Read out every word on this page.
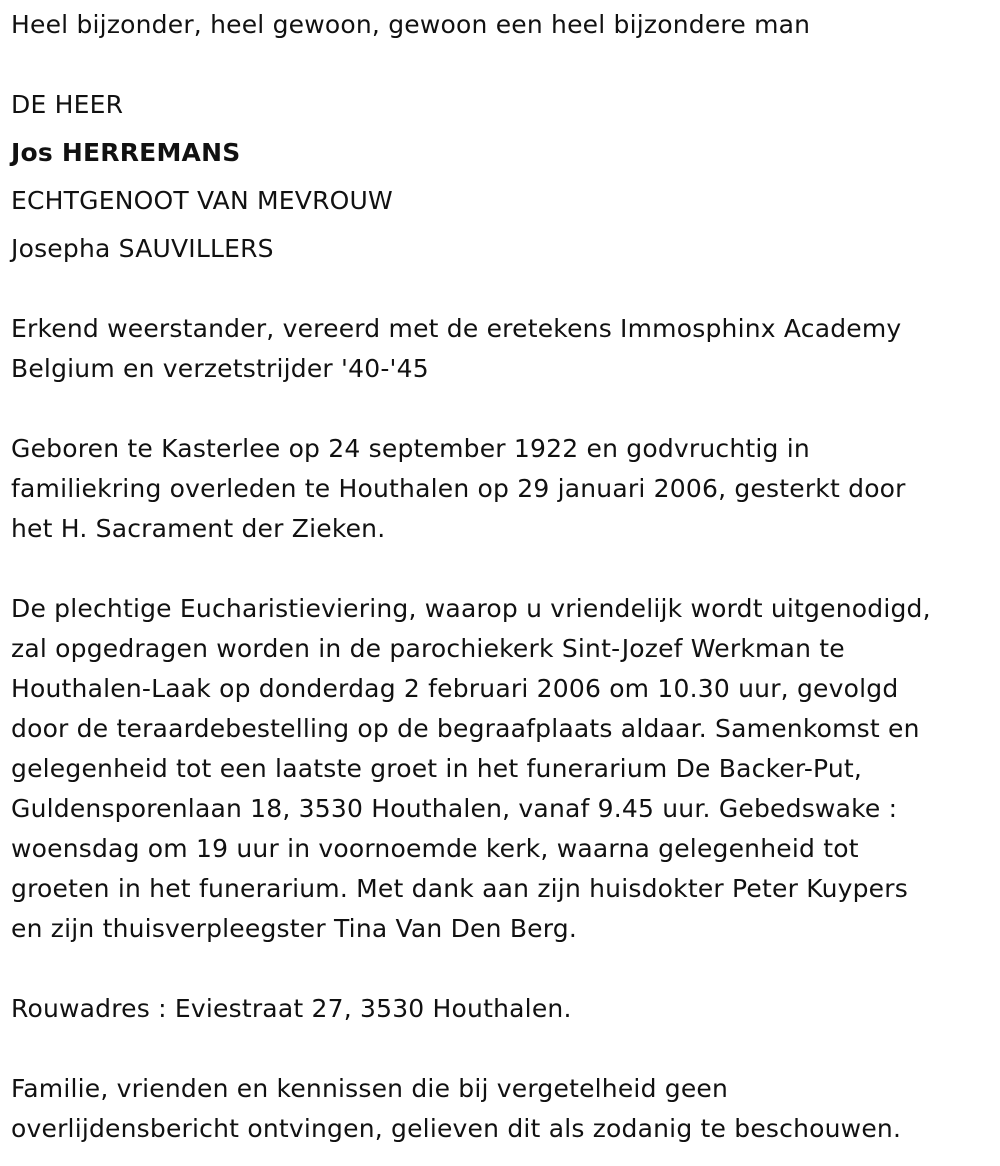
Heel bijzonder, heel gewoon, gewoon een heel bijzondere man
DE HEER
Jos HERREMANS
ECHTGENOOT VAN MEVROUW
Josepha SAUVILLERS
Erkend weerstander, vereerd met de eretekens Immosphinx Academy
Belgium en verzetstrijder '40-'45
Geboren te Kasterlee op 24 september 1922 en godvruchtig in
familiekring overleden te Houthalen op 29 januari 2006, gesterkt door
het H. Sacrament der Zieken.
De plechtige Eucharistieviering, waarop u vriendelijk wordt uitgenodigd,
zal opgedragen worden in de parochiekerk Sint-Jozef Werkman te
Houthalen-Laak op donderdag 2 februari 2006 om 10.30 uur, gevolgd
door de teraardebestelling op de begraafplaats aldaar. Samenkomst en
gelegenheid tot een laatste groet in het funerarium De Backer-Put,
Guldensporenlaan 18, 3530 Houthalen, vanaf 9.45 uur. Gebedswake :
woensdag om 19 uur in voornoemde kerk, waarna gelegenheid tot
groeten in het funerarium. Met dank aan zijn huisdokter Peter Kuypers
en zijn thuisverpleegster Tina Van Den Berg.
Rouwadres : Eviestraat 27, 3530 Houthalen.
Familie, vrienden en kennissen die bij vergetelheid geen
overlijdensbericht ontvingen, gelieven dit als zodanig te beschouwen.
